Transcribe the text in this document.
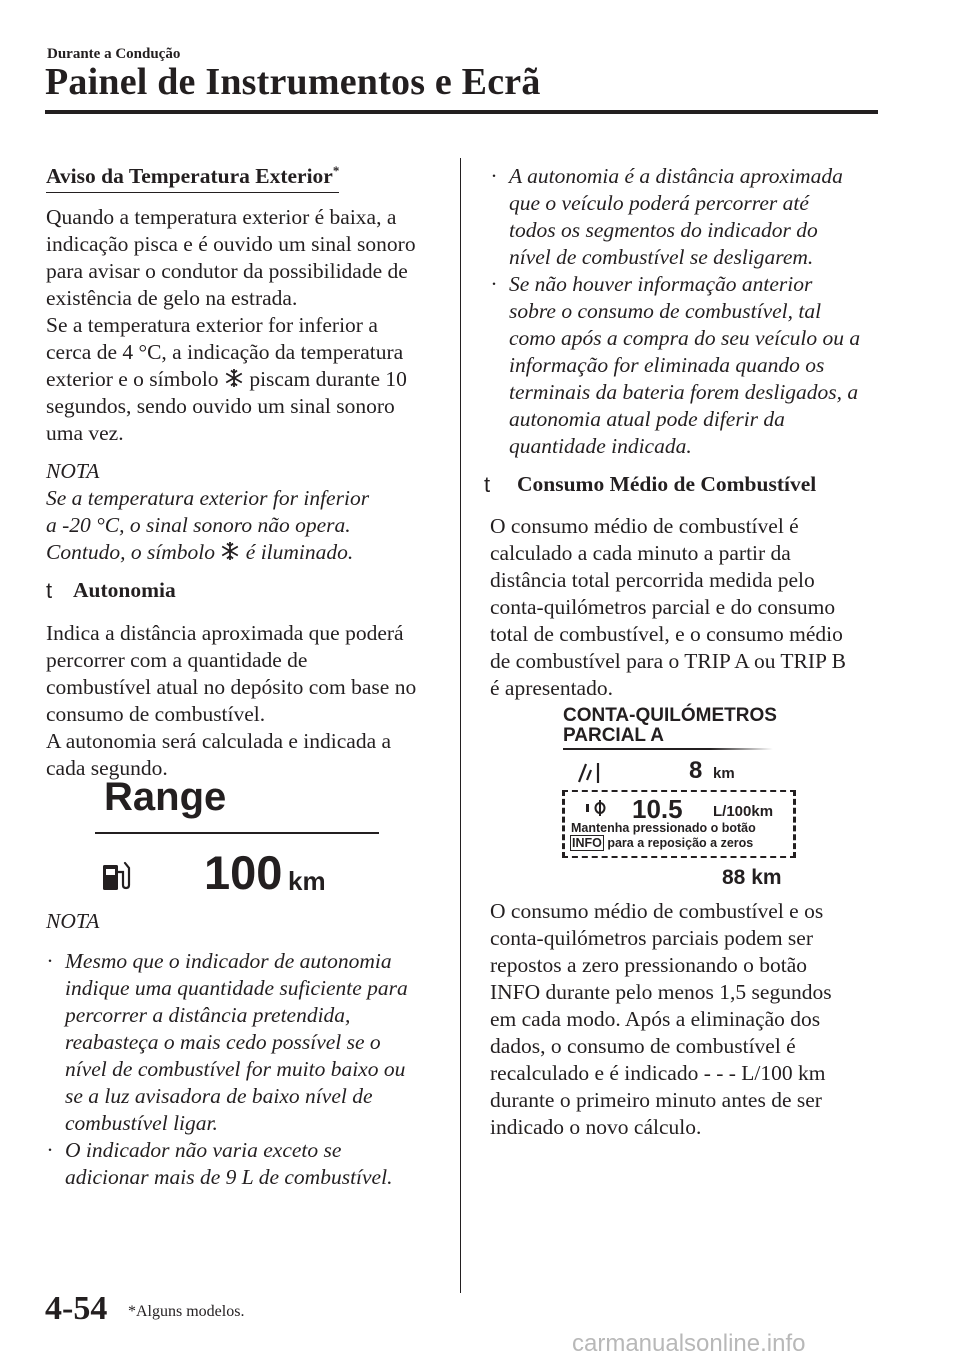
Durante a Condução
Painel de Instrumentos e Ecrã
Aviso da Temperatura Exterior*
Quando a temperatura exterior é baixa, a
indicação pisca e é ouvido um sinal sonoro
para avisar o condutor da possibilidade de
existência de gelo na estrada.
Se a temperatura exterior for inferior a
cerca de 4 °C, a indicação da temperatura
exterior e o símbolo  piscam durante 10
segundos, sendo ouvido um sinal sonoro
uma vez.
NOTA
Se a temperatura exterior for inferior
a -20 °C, o sinal sonoro não opera.
Contudo, o símbolo  é iluminado.
t Autonomia
Indica a distância aproximada que poderá
percorrer com a quantidade de
combustível atual no depósito com base no
consumo de combustível.
A autonomia será calculada e indicada a
cada segundo.
Range
100 km
NOTA
· Mesmo que o indicador de autonomia
indique uma quantidade suficiente para
percorrer a distância pretendida,
reabasteça o mais cedo possível se o
nível de combustível for muito baixo ou
se a luz avisadora de baixo nível de
combustível ligar.
· O indicador não varia exceto se
adicionar mais de 9 L de combustível.
· A autonomia é a distância aproximada
que o veículo poderá percorrer até
todos os segmentos do indicador do
nível de combustível se desligarem.
· Se não houver informação anterior
sobre o consumo de combustível, tal
como após a compra do seu veículo ou a
informação for eliminada quando os
terminais da bateria forem desligados, a
autonomia atual pode diferir da
quantidade indicada.
t Consumo Médio de Combustível
O consumo médio de combustível é
calculado a cada minuto a partir da
distância total percorrida medida pelo
conta-quilómetros parcial e do consumo
total de combustível, e o consumo médio
de combustível para o TRIP A ou TRIP B
é apresentado.
CONTA-QUILÓMETROS
PARCIAL A
8 km
10.5 L/100km
Mantenha pressionado o botão
INFO para a reposição a zeros
88 km
O consumo médio de combustível e os
conta-quilómetros parciais podem ser
repostos a zero pressionando o botão
INFO durante pelo menos 1,5 segundos
em cada modo. Após a eliminação dos
dados, o consumo de combustível é
recalculado e é indicado - - - L/100 km
durante o primeiro minuto antes de ser
indicado o novo cálculo.
4-54 *Alguns modelos.
carmanualsonline.info
